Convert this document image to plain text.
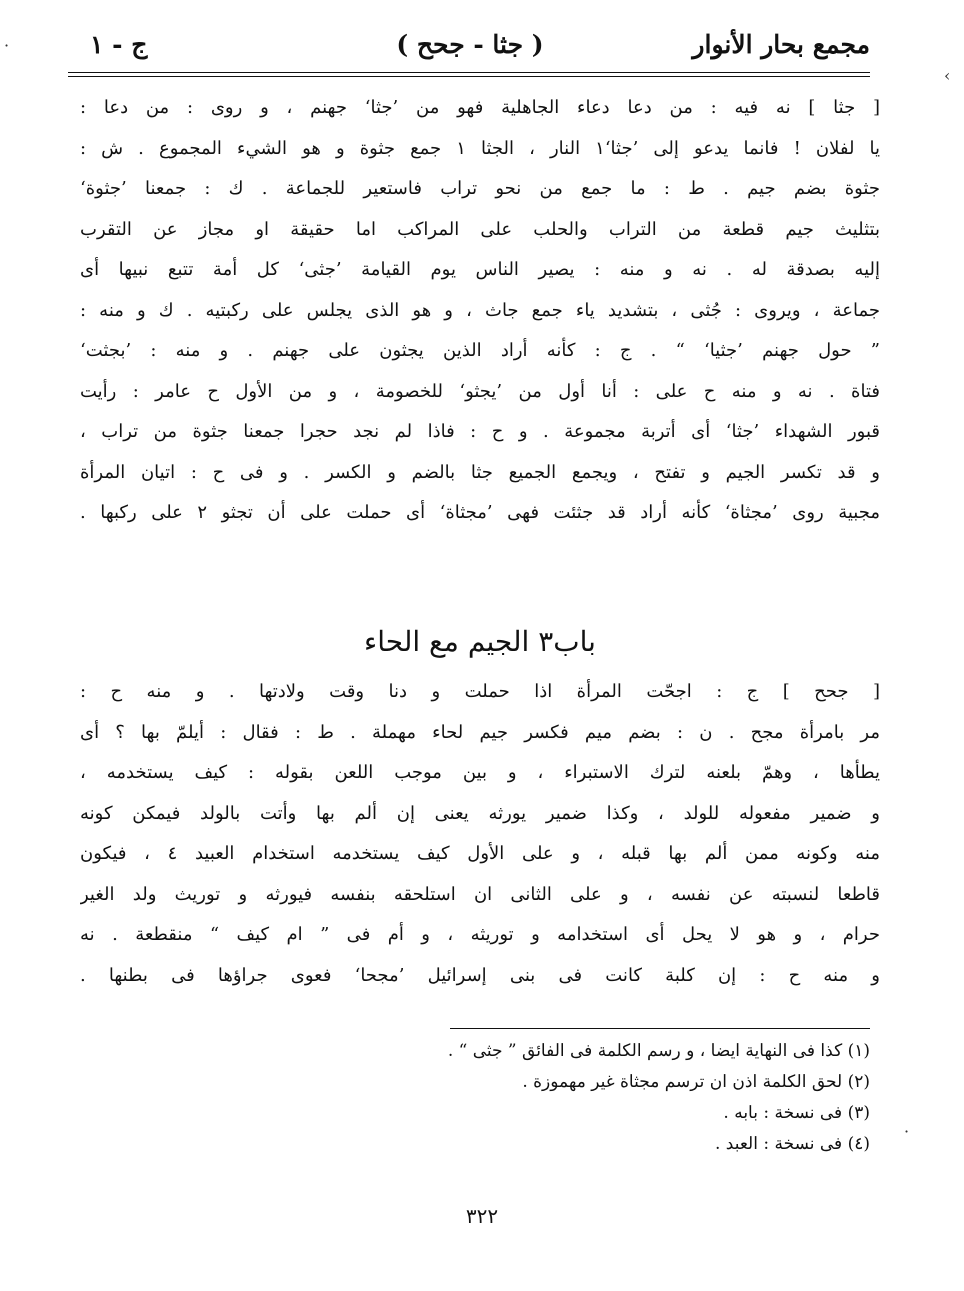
مجمع بحار الأنوار
( جثا - جحح )
ج - ١
[ جثا ] نه فيه : من دعا دعاء الجاهلية فهو من ’جثا‘ جهنم ، و روى : من دعا :
يا لفلان ! فانما يدعو إلى ’جثا‘١ النار ، الجثا ١ جمع جثوة و هو الشيء المجموع . ش :
جثوة بضم جيم . ط : ما جمع من نحو تراب فاستعير للجماعة . ك : جمعنا ’جثوة‘
بتثليث جيم قطعة من التراب والحلب على المراكب اما حقيقة او مجاز عن التقرب
إليه بصدقة له . نه و منه : يصير الناس يوم القيامة ’جثى‘ كل أمة تتبع نبيها أى
جماعة ، ويروى : جُثى ، بتشديد ياء جمع جاث ، و هو الذى يجلس على ركبتيه . ك و منه :
” حول جهنم ’جثيا‘ “ . ج : كأنه أراد الذين يجثون على جهنم . و منه : ’بجثت‘
فتاة . نه و منه ح على : أنا أول من ’يجثو‘ للخصومة ، و من الأول ح عامر : رأيت
قبور الشهداء ’جثا‘ أى أتربة مجموعة . و ح : فاذا لم نجد حجرا جمعنا جثوة من تراب ،
و قد تكسر الجيم و تفتح ، ويجمع الجميع جثا بالضم و الكسر . و فى ح : اتيان المرأة
مجبية روى ’مجثاة‘ كأنه أراد قد جثئت فهى ’مجثاة‘ أى حملت على أن تجثو ٢ على ركبها .
باب٣ الجيم مع الحاء
[ جحح ] ج : اجحّت المرأة اذا حملت و دنا وقت ولادتها . و منه ح :
مر بامرأة مجح . ن : بضم ميم فكسر جيم لحاء مهملة . ط : فقال : أيلمّ بها ؟ أى
يطأها ، وهمّ بلعنه لترك الاستبراء ، و بين موجب اللعن بقوله : كيف يستخدمه ،
و ضمير مفعوله للولد ، وكذا ضمير يورثه يعنى إن ألم بها وأتت بالولد فيمكن كونه
منه وكونه ممن ألم بها قبله ، و على الأول كيف يستخدمه استخدام العبيد ٤ ، فيكون
قاطعا لنسبته عن نفسه ، و على الثانى ان استلحقه بنفسه فيورثه و توريث ولد الغير
حرام ، و هو لا يحل أى استخدامه و توريثه ، و أم فى ” ام كيف “ منقطعة . نه
و منه ح : إن كلبة كانت فى بنى إسرائيل ’مجحا‘ فعوى جراؤها فى بطنها .
(١) كذا فى النهاية ايضا ، و رسم الكلمة فى الفائق ” جثى “ .
(٢) لحق الكلمة اذن ان ترسم مجثاة غير مهموزة .
(٣) فى نسخة : بابه .
(٤) فى نسخة : العبد .
٣٢٢
·
›
·
